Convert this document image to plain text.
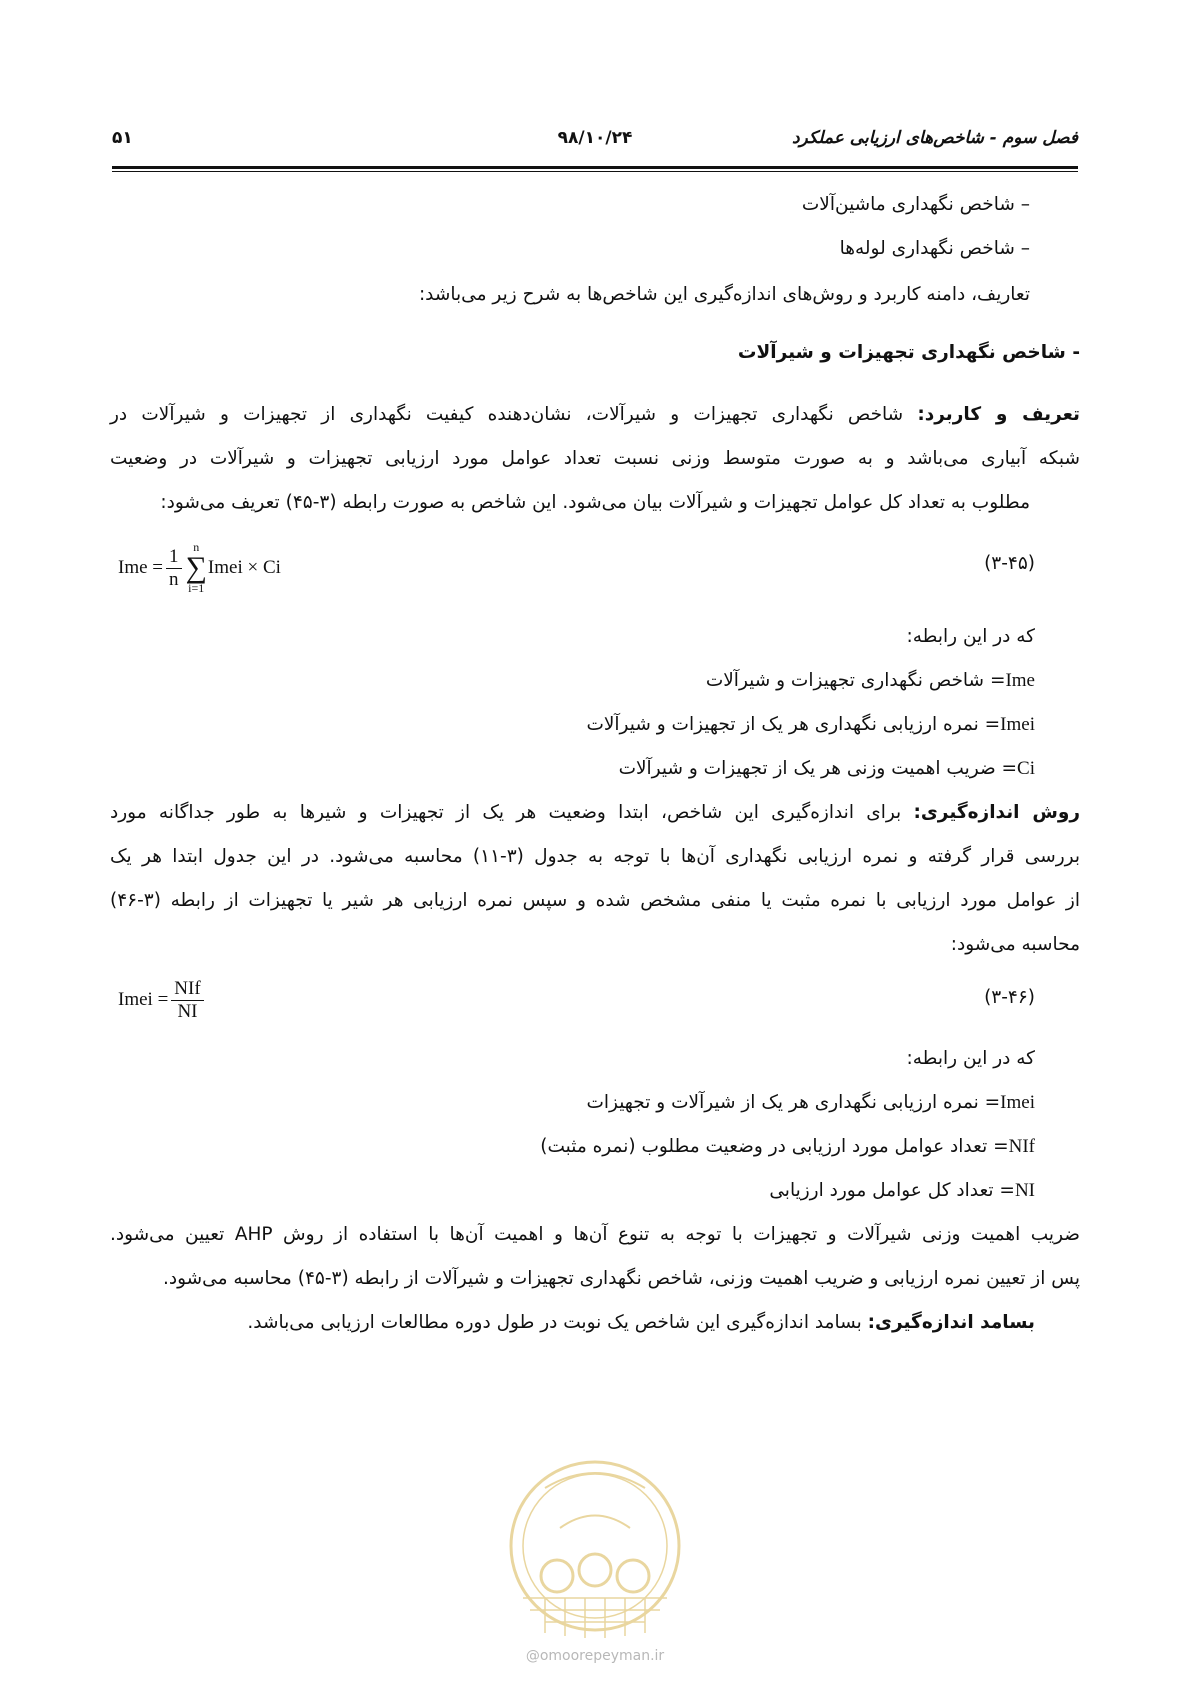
فصل سوم - شاخص‌های ارزیابی عملکرد
۹۸/۱۰/۲۴
۵۱
– شاخص نگهداری ماشین‌آلات
– شاخص نگهداری لوله‌ها
تعاریف، دامنه کاربرد و روش‌های اندازه‌گیری این شاخص‌ها به شرح زیر می‌باشد:
- شاخص نگهداری تجهیزات و شیرآلات
تعریف و کاربرد: شاخص نگهداری تجهیزات و شیرآلات، نشان‌دهنده کیفیت نگهداری از تجهیزات و شیرآلات در
شبکه آبیاری می‌باشد و به صورت متوسط وزنی نسبت تعداد عوامل مورد ارزیابی تجهیزات و شیرآلات در وضعیت
مطلوب به تعداد کل عوامل تجهیزات و شیرآلات بیان می‌شود. این شاخص به صورت رابطه (۳-۴۵) تعریف می‌شود:
Ime = $\frac{1}{n}$ n
∑
i=1
Imei × Ci	(۳-۴۵)
که در این رابطه:
Ime= شاخص نگهداری تجهیزات و شیرآلات
Imei= نمره ارزیابی نگهداری هر یک از تجهیزات و شیرآلات
Ci= ضریب اهمیت وزنی هر یک از تجهیزات و شیرآلات
روش اندازه‌گیری: برای اندازه‌گیری این شاخص، ابتدا وضعیت هر یک از تجهیزات و شیرها به طور جداگانه مورد
بررسی قرار گرفته و نمره ارزیابی نگهداری آن‌ها با توجه به جدول (۳-۱۱) محاسبه می‌شود. در این جدول ابتدا هر یک
از عوامل مورد ارزیابی با نمره مثبت یا منفی مشخص شده و سپس نمره ارزیابی هر شیر یا تجهیزات از رابطه (۳-۴۶)
محاسبه می‌شود:
Imei = $\frac{\text{NIf}}{NI}$	(۳-۴۶)
که در این رابطه:
Imei= نمره ارزیابی نگهداری هر یک از شیرآلات و تجهیزات
NIf= تعداد عوامل مورد ارزیابی در وضعیت مطلوب (نمره مثبت)
NI= تعداد کل عوامل مورد ارزیابی
ضریب اهمیت وزنی شیرآلات و تجهیزات با توجه به تنوع آن‌ها و اهمیت آن‌ها با استفاده از روش AHP تعیین می‌شود.
پس از تعیین نمره ارزیابی و ضریب اهمیت وزنی، شاخص نگهداری تجهیزات و شیرآلات از رابطه (۳-۴۵) محاسبه می‌شود.
بسامد اندازه‌گیری: بسامد اندازه‌گیری این شاخص یک نوبت در طول دوره مطالعات ارزیابی می‌باشد.
@omoorepeyman.ir
